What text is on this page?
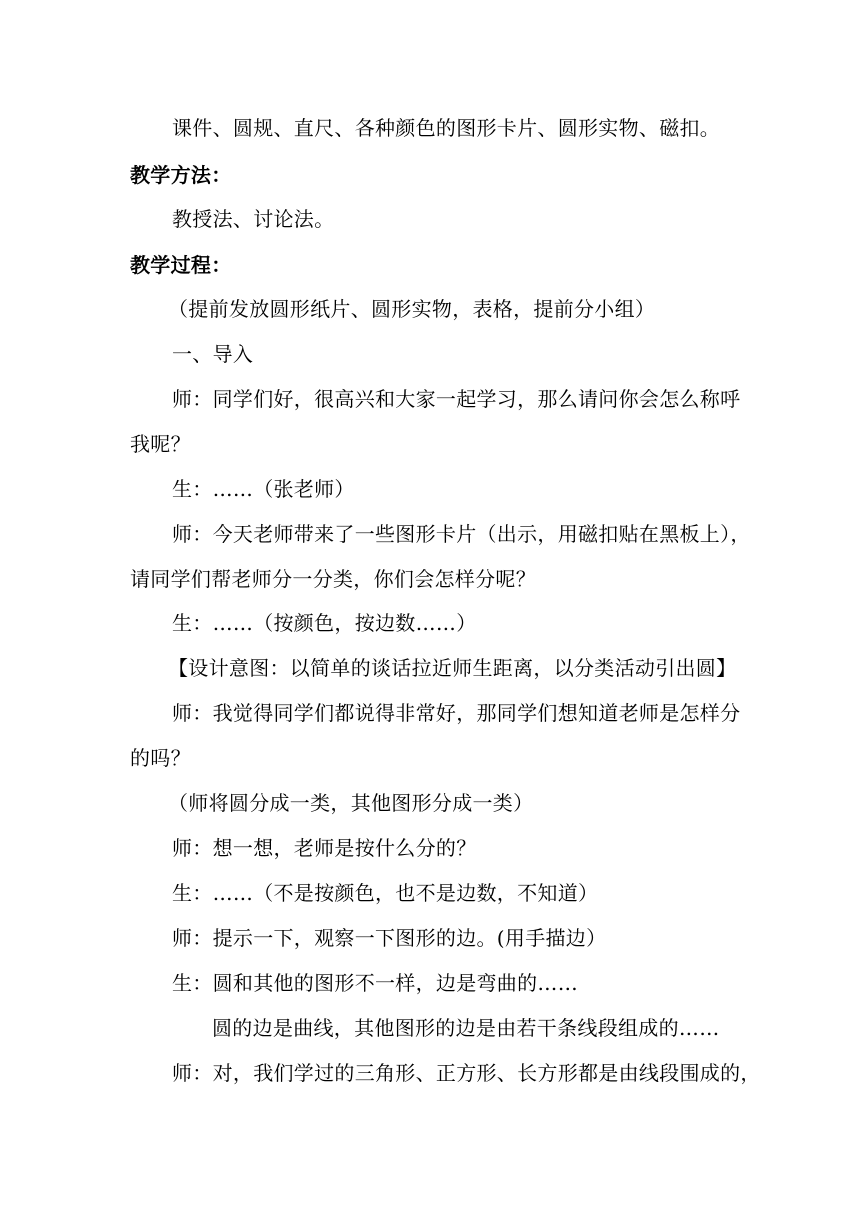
课件、圆规、直尺、各种颜色的图形卡片、圆形实物、磁扣。
教学方法：
教授法、讨论法。
教学过程：
（提前发放圆形纸片、圆形实物，表格，提前分小组）
一、导入
师：同学们好，很高兴和大家一起学习，那么请问你会怎么称呼
我呢？
生：……（张老师）
师：今天老师带来了一些图形卡片（出示，用磁扣贴在黑板上），
请同学们帮老师分一分类，你们会怎样分呢？
生：……（按颜色，按边数……）
【设计意图：以简单的谈话拉近师生距离，以分类活动引出圆】
师：我觉得同学们都说得非常好，那同学们想知道老师是怎样分
的吗？
（师将圆分成一类，其他图形分成一类）
师：想一想，老师是按什么分的？
生：……（不是按颜色，也不是边数，不知道）
师：提示一下，观察一下图形的边。(用手描边）
生：圆和其他的图形不一样，边是弯曲的……
圆的边是曲线，其他图形的边是由若干条线段组成的……
师：对，我们学过的三角形、正方形、长方形都是由线段围成的，
